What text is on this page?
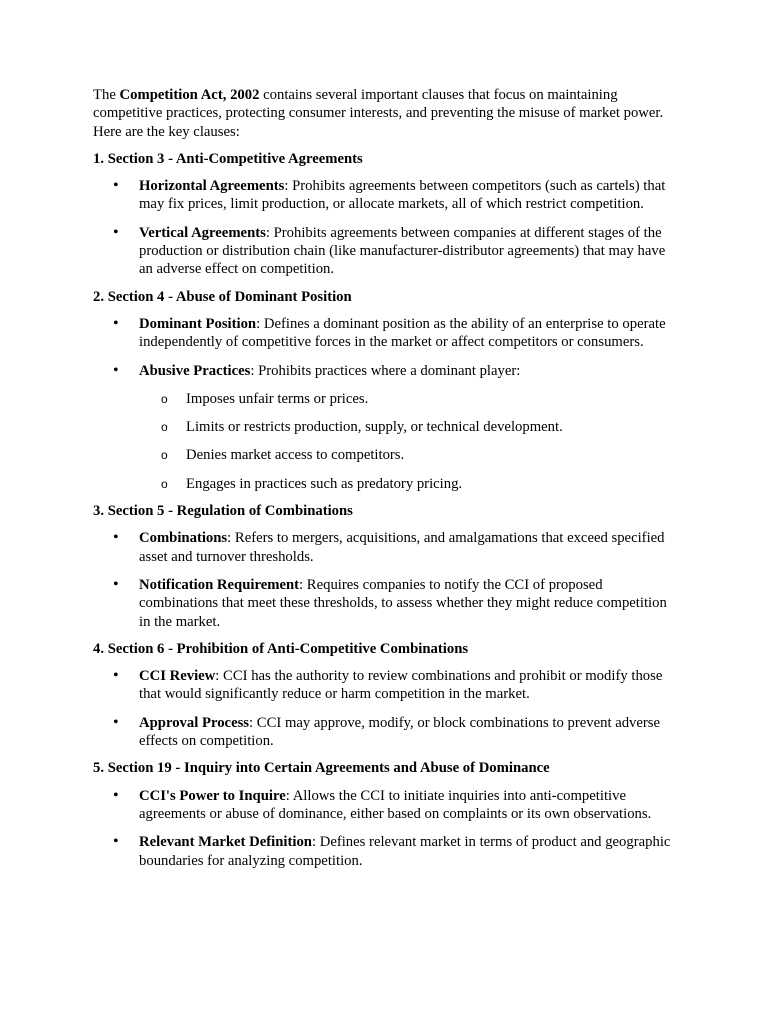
The Competition Act, 2002 contains several important clauses that focus on maintaining competitive practices, protecting consumer interests, and preventing the misuse of market power. Here are the key clauses:

1. Section 3 - Anti-Competitive Agreements

• Horizontal Agreements: Prohibits agreements between competitors (such as cartels) that may fix prices, limit production, or allocate markets, all of which restrict competition.
• Vertical Agreements: Prohibits agreements between companies at different stages of the production or distribution chain (like manufacturer-distributor agreements) that may have an adverse effect on competition.

2. Section 4 - Abuse of Dominant Position

• Dominant Position: Defines a dominant position as the ability of an enterprise to operate independently of competitive forces in the market or affect competitors or consumers.
• Abusive Practices: Prohibits practices where a dominant player:
o Imposes unfair terms or prices.
o Limits or restricts production, supply, or technical development.
o Denies market access to competitors.
o Engages in practices such as predatory pricing.

3. Section 5 - Regulation of Combinations

• Combinations: Refers to mergers, acquisitions, and amalgamations that exceed specified asset and turnover thresholds.
• Notification Requirement: Requires companies to notify the CCI of proposed combinations that meet these thresholds, to assess whether they might reduce competition in the market.

4. Section 6 - Prohibition of Anti-Competitive Combinations

• CCI Review: CCI has the authority to review combinations and prohibit or modify those that would significantly reduce or harm competition in the market.
• Approval Process: CCI may approve, modify, or block combinations to prevent adverse effects on competition.

5. Section 19 - Inquiry into Certain Agreements and Abuse of Dominance

• CCI's Power to Inquire: Allows the CCI to initiate inquiries into anti-competitive agreements or abuse of dominance, either based on complaints or its own observations.
• Relevant Market Definition: Defines relevant market in terms of product and geographic boundaries for analyzing competition.
